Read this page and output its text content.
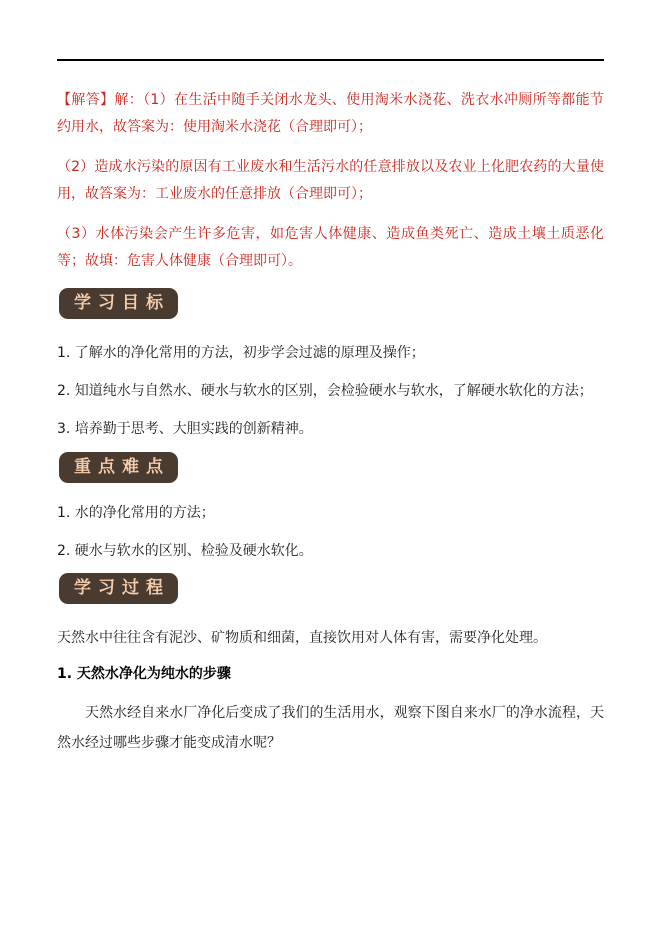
【解答】解：（1）在生活中随手关闭水龙头、使用淘米水浇花、洗衣水冲厕所等都能节约用水，故答案为：使用淘米水浇花（合理即可）；

（2）造成水污染的原因有工业废水和生活污水的任意排放以及农业上化肥农药的大量使用，故答案为：工业废水的任意排放（合理即可）；

（3）水体污染会产生许多危害，如危害人体健康、造成鱼类死亡、造成土壤土质恶化等；故填：危害人体健康（合理即可）。

学习目标

1. 了解水的净化常用的方法，初步学会过滤的原理及操作；

2. 知道纯水与自然水、硬水与软水的区别，会检验硬水与软水，了解硬水软化的方法；

3. 培养勤于思考、大胆实践的创新精神。

重点难点

1. 水的净化常用的方法；

2. 硬水与软水的区别、检验及硬水软化。

学习过程

天然水中往往含有泥沙、矿物质和细菌，直接饮用对人体有害，需要净化处理。

1. 天然水净化为纯水的步骤

天然水经自来水厂净化后变成了我们的生活用水，观察下图自来水厂的净水流程，天然水经过哪些步骤才能变成清水呢？
